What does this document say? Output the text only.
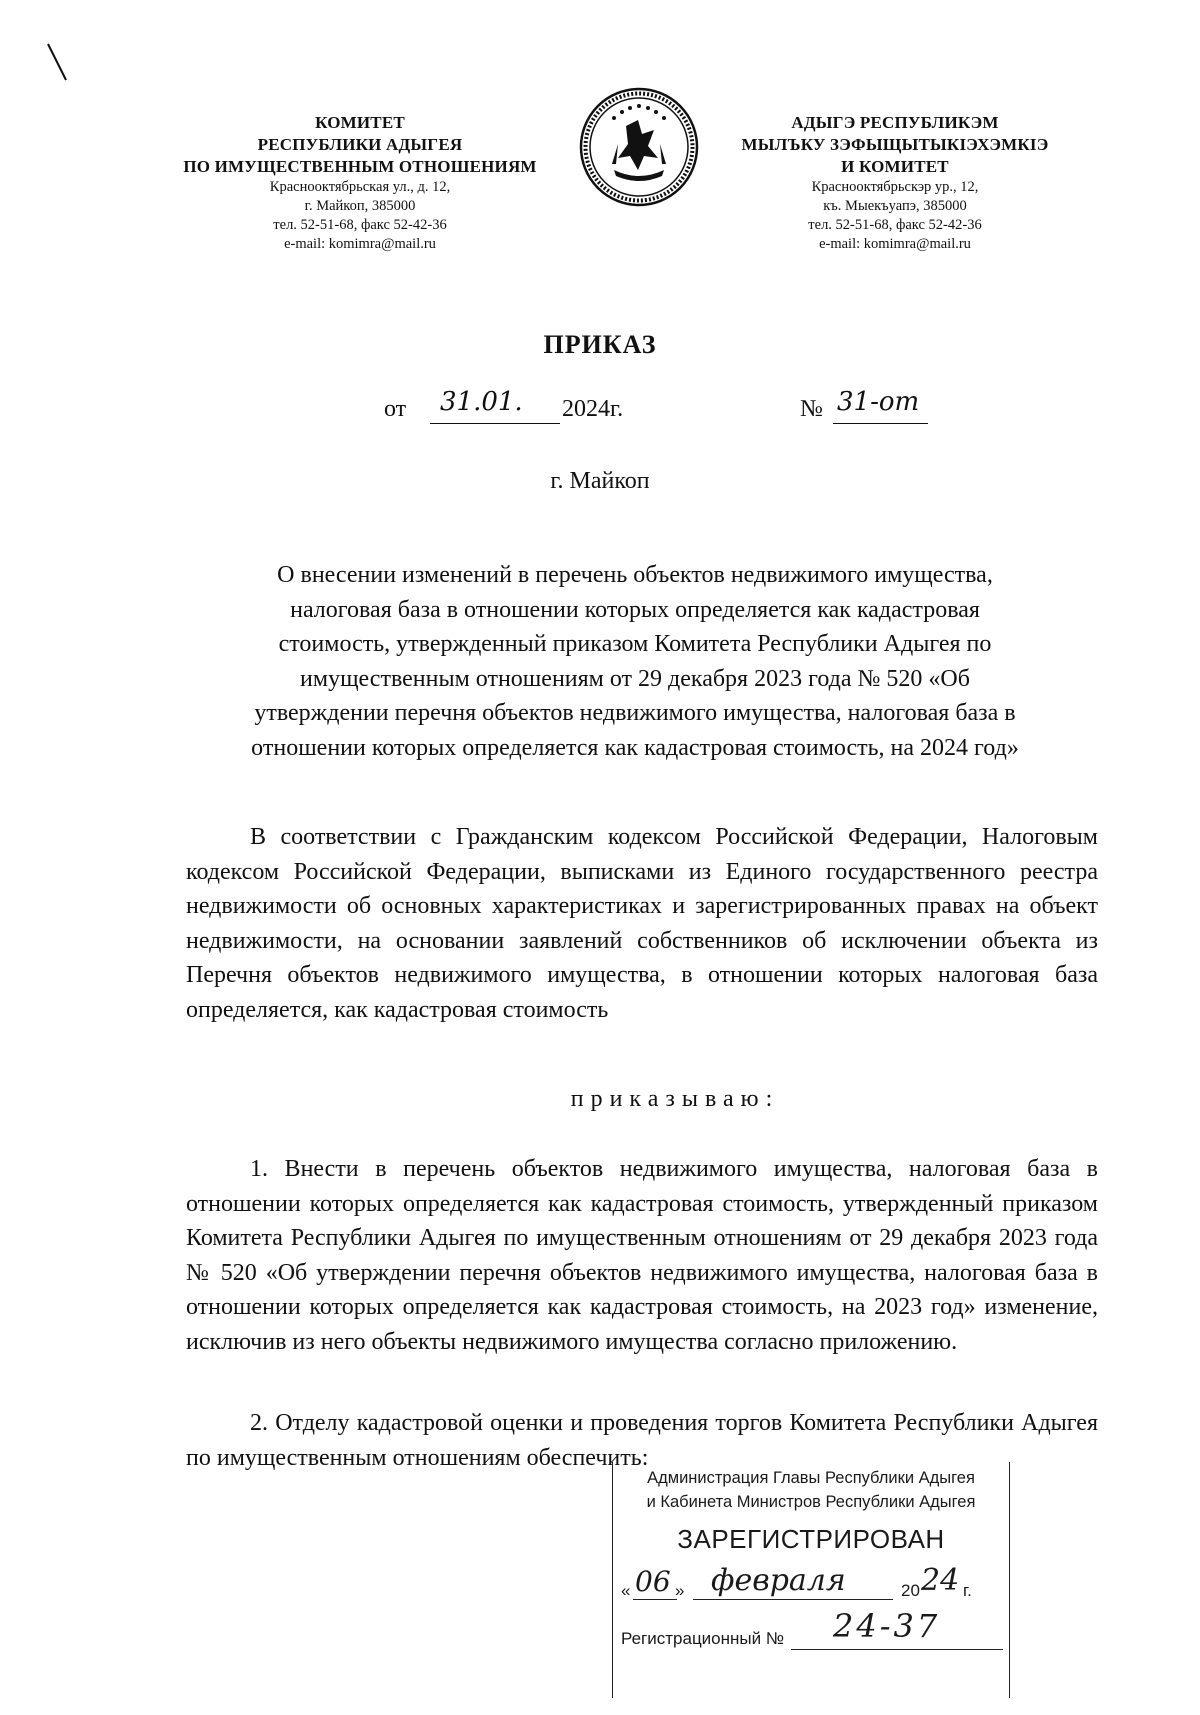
КОМИТЕТ
РЕСПУБЛИКИ АДЫГЕЯ
ПО ИМУЩЕСТВЕННЫМ ОТНОШЕНИЯМ
Краснооктябрьская ул., д. 12,
г. Майкоп, 385000
тел. 52-51-68, факс 52-42-36
e-mail: komimra@mail.ru
АДЫГЭ РЕСПУБЛИКЭМ
МЫЛЪКУ ЗЭФЫЩЫТЫКIЭХЭМКIЭ
И КОМИТЕТ
Краснооктябрьскэр ур., 12,
къ. Мыекъуапэ, 385000
тел. 52-51-68, факс 52-42-36
e-mail: komimra@mail.ru
ПРИКАЗ
от 31.01. 2024г.	№ 31-от
г. Майкоп
О внесении изменений в перечень объектов недвижимого имущества,
налоговая база в отношении которых определяется как кадастровая
стоимость, утвержденный приказом Комитета Республики Адыгея по
имущественным отношениям от 29 декабря 2023 года № 520 «Об
утверждении перечня объектов недвижимого имущества, налоговая база в
отношении которых определяется как кадастровая стоимость, на 2024 год»

В соответствии с Гражданским кодексом Российской Федерации, Налоговым кодексом Российской Федерации, выписками из Единого государственного реестра недвижимости об основных характеристиках и зарегистрированных правах на объект недвижимости, на основании заявлений собственников об исключении объекта из Перечня объектов недвижимого имущества, в отношении которых налоговая база определяется, как кадастровая стоимость

приказываю:

1. Внести в перечень объектов недвижимого имущества, налоговая база в отношении которых определяется как кадастровая стоимость, утвержденный приказом Комитета Республики Адыгея по имущественным отношениям от 29 декабря 2023 года № 520 «Об утверждении перечня объектов недвижимого имущества, налоговая база в отношении которых определяется как кадастровая стоимость, на 2023 год» изменение, исключив из него объекты недвижимого имущества согласно приложению.

2. Отделу кадастровой оценки и проведения торгов Комитета Республики Адыгея по имущественным отношениям обеспечить:

Администрация Главы Республики Адыгея
и Кабинета Министров Республики Адыгея
ЗАРЕГИСТРИРОВАН
« 06 » февраля	20 24 г.
Регистрационный № 24-37
